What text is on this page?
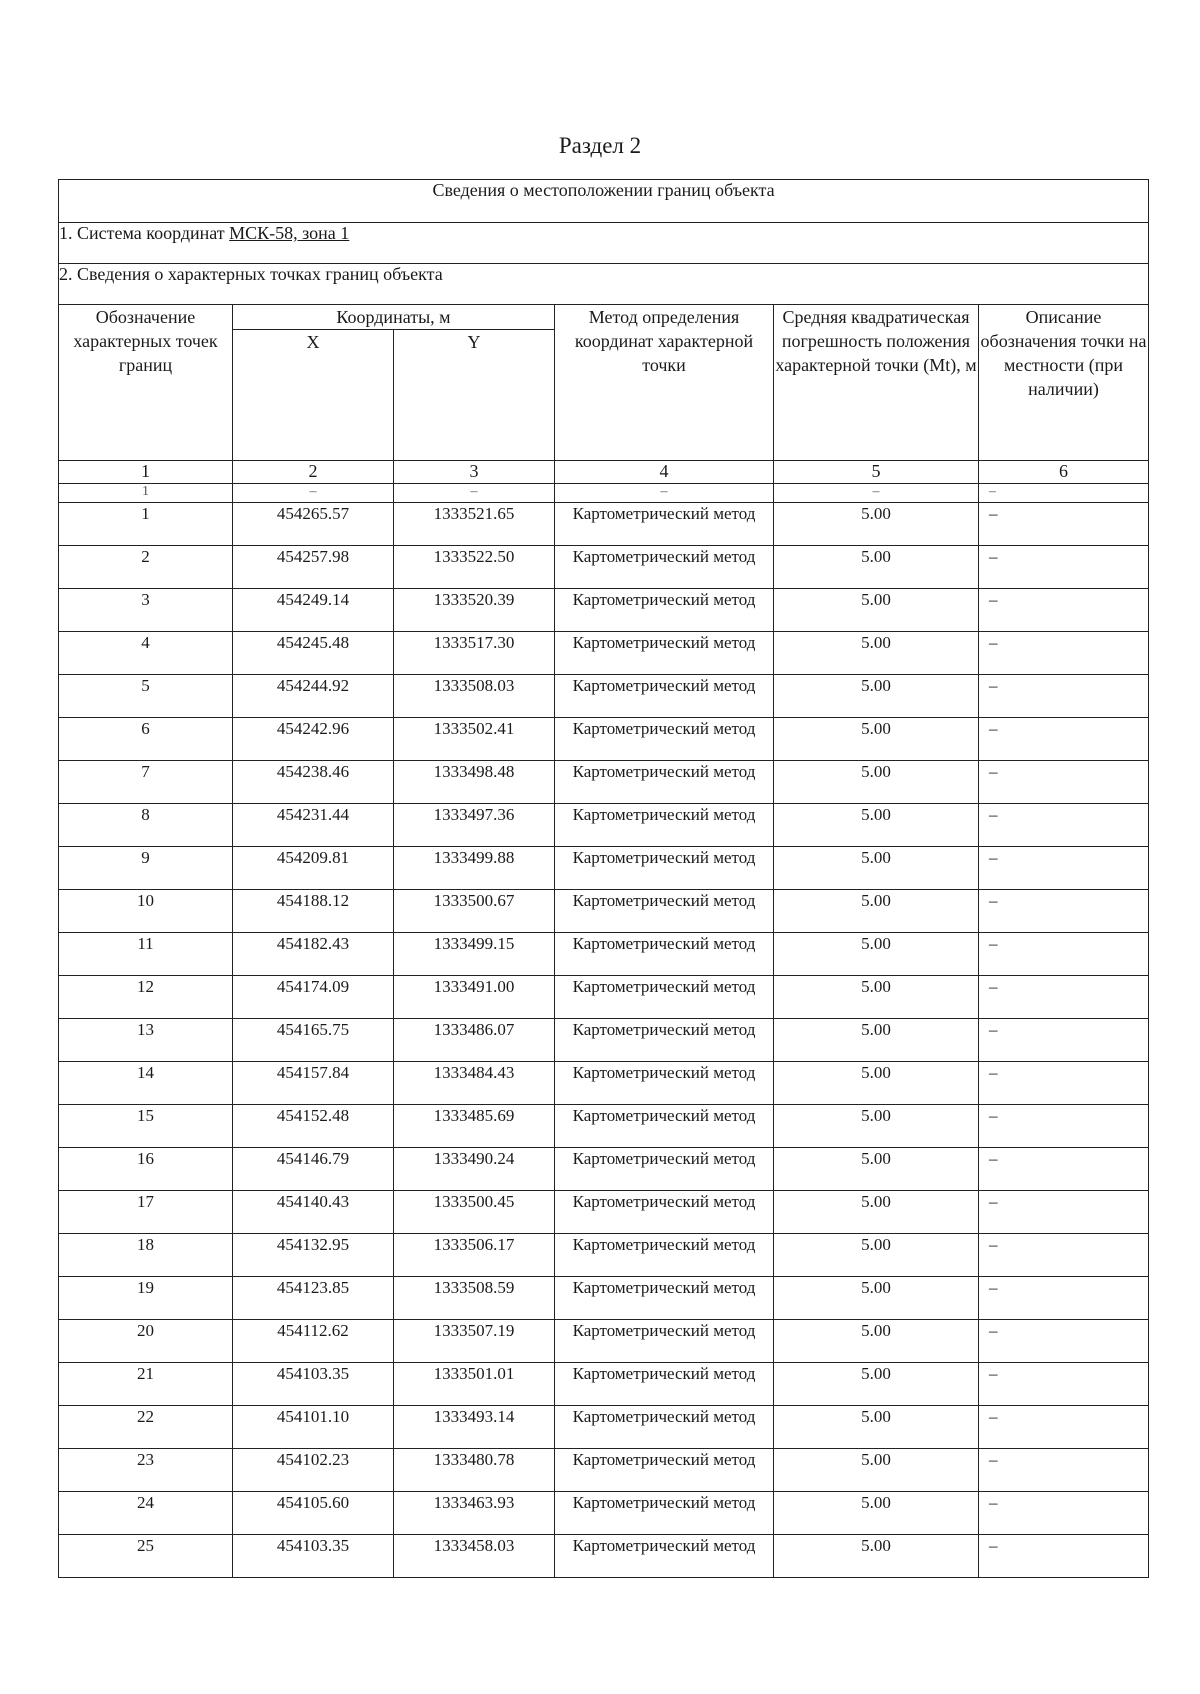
Раздел 2
Сведения о местоположении границ объекта					
1. Система координат МСК-58, зона 1					
2. Сведения о характерных точках границ объекта					
Обозначение характерных точек границ	Координаты, м		Метод определения координат характерной точки	Средняя квадратическая погрешность положения характерной точки (Mt), м	Описание обозначения точки на местности (при наличии)
	X	Y			
1	2	3	4	5	6
1	–	–	–	–	–
1	454265.57	1333521.65	Картометрический метод	5.00	–
2	454257.98	1333522.50	Картометрический метод	5.00	–
3	454249.14	1333520.39	Картометрический метод	5.00	–
4	454245.48	1333517.30	Картометрический метод	5.00	–
5	454244.92	1333508.03	Картометрический метод	5.00	–
6	454242.96	1333502.41	Картометрический метод	5.00	–
7	454238.46	1333498.48	Картометрический метод	5.00	–
8	454231.44	1333497.36	Картометрический метод	5.00	–
9	454209.81	1333499.88	Картометрический метод	5.00	–
10	454188.12	1333500.67	Картометрический метод	5.00	–
11	454182.43	1333499.15	Картометрический метод	5.00	–
12	454174.09	1333491.00	Картометрический метод	5.00	–
13	454165.75	1333486.07	Картометрический метод	5.00	–
14	454157.84	1333484.43	Картометрический метод	5.00	–
15	454152.48	1333485.69	Картометрический метод	5.00	–
16	454146.79	1333490.24	Картометрический метод	5.00	–
17	454140.43	1333500.45	Картометрический метод	5.00	–
18	454132.95	1333506.17	Картометрический метод	5.00	–
19	454123.85	1333508.59	Картометрический метод	5.00	–
20	454112.62	1333507.19	Картометрический метод	5.00	–
21	454103.35	1333501.01	Картометрический метод	5.00	–
22	454101.10	1333493.14	Картометрический метод	5.00	–
23	454102.23	1333480.78	Картометрический метод	5.00	–
24	454105.60	1333463.93	Картометрический метод	5.00	–
25	454103.35	1333458.03	Картометрический метод	5.00	–
